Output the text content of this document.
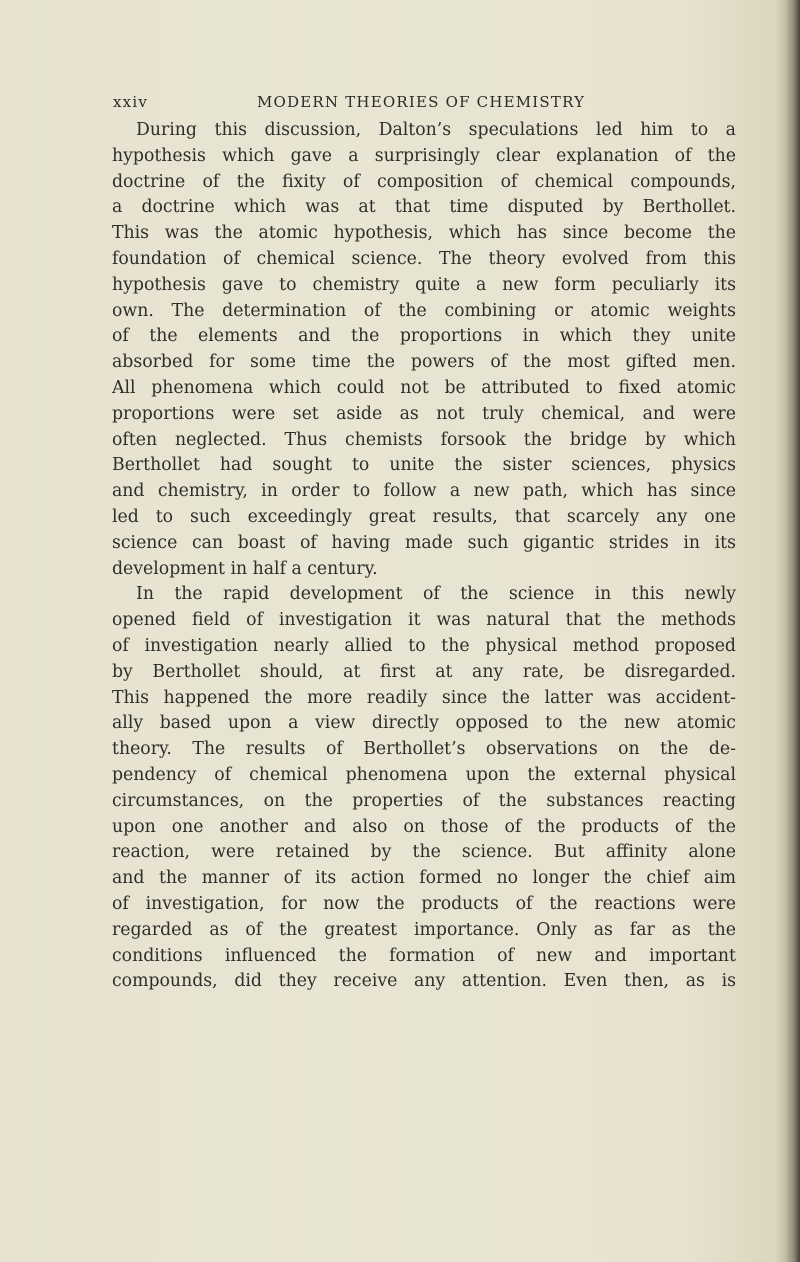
xxiv	MODERN THEORIES OF CHEMISTRY
During this discussion, Dalton’s speculations led him to a
hypothesis which gave a surprisingly clear explanation of the
doctrine of the fixity of composition of chemical compounds,
a doctrine which was at that time disputed by Berthollet.
This was the atomic hypothesis, which has since become the
foundation of chemical science. The theory evolved from this
hypothesis gave to chemistry quite a new form peculiarly its
own. The determination of the combining or atomic weights
of the elements and the proportions in which they unite
absorbed for some time the powers of the most gifted men.
All phenomena which could not be attributed to fixed atomic
proportions were set aside as not truly chemical, and were
often neglected. Thus chemists forsook the bridge by which
Berthollet had sought to unite the sister sciences, physics
and chemistry, in order to follow a new path, which has since
led to such exceedingly great results, that scarcely any one
science can boast of having made such gigantic strides in its
development in half a century.
In the rapid development of the science in this newly
opened field of investigation it was natural that the methods
of investigation nearly allied to the physical method proposed
by Berthollet should, at first at any rate, be disregarded.
This happened the more readily since the latter was accident-
ally based upon a view directly opposed to the new atomic
theory. The results of Berthollet’s observations on the de-
pendency of chemical phenomena upon the external physical
circumstances, on the properties of the substances reacting
upon one another and also on those of the products of the
reaction, were retained by the science. But affinity alone
and the manner of its action formed no longer the chief aim
of investigation, for now the products of the reactions were
regarded as of the greatest importance. Only as far as the
conditions influenced the formation of new and important
compounds, did they receive any attention. Even then, as is
